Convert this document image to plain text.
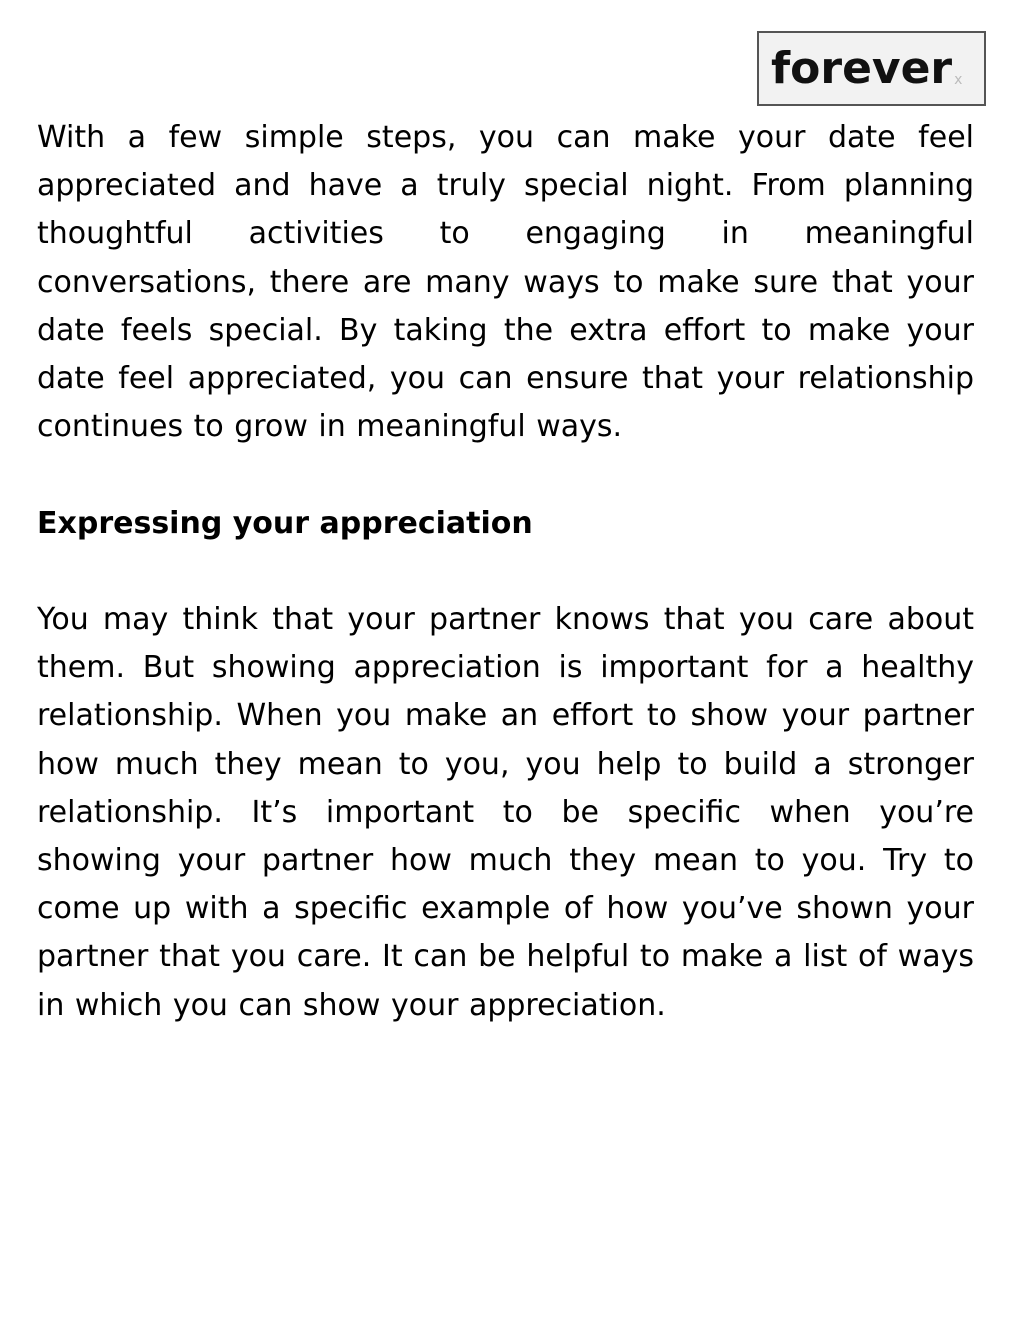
forever x

With a few simple steps, you can make your date feel appreciated and have a truly special night. From planning thoughtful activities to engaging in meaningful conversations, there are many ways to make sure that your date feels special. By taking the extra effort to make your date feel appreciated, you can ensure that your relationship continues to grow in meaningful ways.

Expressing your appreciation

You may think that your partner knows that you care about them. But showing appreciation is important for a healthy relationship. When you make an effort to show your partner how much they mean to you, you help to build a stronger relationship. It’s important to be specific when you’re showing your partner how much they mean to you. Try to come up with a specific example of how you’ve shown your partner that you care. It can be helpful to make a list of ways in which you can show your appreciation.
